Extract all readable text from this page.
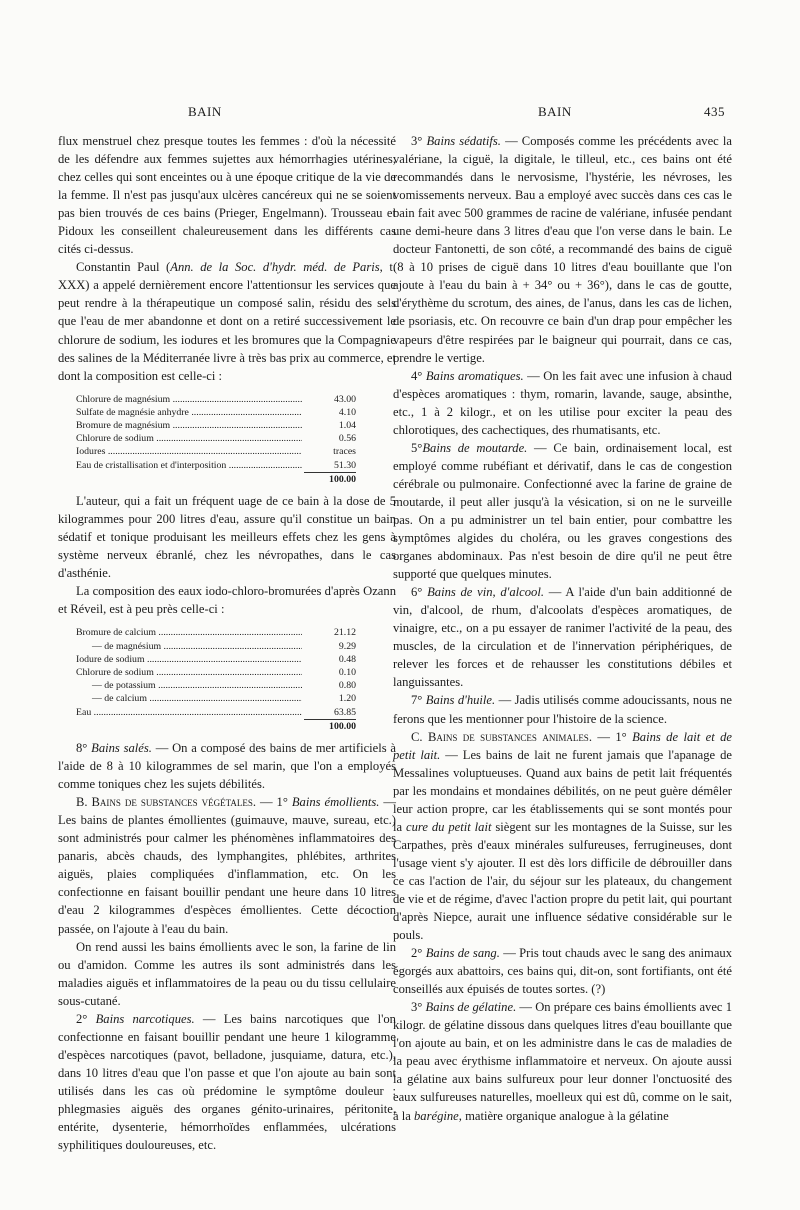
BAIN	BAIN	435

flux menstruel chez presque toutes les femmes : d'où la nécessité de les défendre aux femmes sujettes aux hémorrhagies utérines, chez celles qui sont enceintes ou à une époque critique de la vie de la femme. Il n'est pas jusqu'aux ulcères cancéreux qui ne se soient pas bien trouvés de ces bains (Prieger, Engelmann). Trousseau et Pidoux les conseillent chaleureusement dans les différents cas cités ci-dessus.

Constantin Paul (Ann. de la Soc. d'hydr. méd. de Paris, t. XXX) a appelé dernièrement encore l'attentionsur les services que peut rendre à la thérapeutique un composé salin, résidu des sels que l'eau de mer abandonne et dont on a retiré successivement le chlorure de sodium, les iodures et les bromures que la Compagnie des salines de la Méditerranée livre à très bas prix au commerce, et dont la composition est celle-ci :

Chlorure de magnésium .....	43.00
Sulfate de magnésie anhydre .....	4.10
Bromure de magnésium .....	1.04
Chlorure de sodium .....	0.56
Iodures .....	traces
Eau de cristallisation et d'interposition .....	51.30
100.00

L'auteur, qui a fait un fréquent uage de ce bain à la dose de 5 kilogrammes pour 200 litres d'eau, assure qu'il constitue un bain sédatif et tonique produisant les meilleurs effets chez les gens à système nerveux ébranlé, chez les névropathes, dans le cas d'asthénie.

La composition des eaux iodo-chloro-bromurées d'après Ozann et Réveil, est à peu près celle-ci :

Bromure de calcium .....	21.12
— de magnésium .....	9.29
Iodure de sodium .....	0.48
Chlorure de sodium .....	0.10
— de potassium .....	0.80
— de calcium .....	1.20
Eau .....	63.85
100.00

8° Bains salés. — On a composé des bains de mer artificiels à l'aide de 8 à 10 kilogrammes de sel marin, que l'on a employés comme toniques chez les sujets débilités.

B. Bains de substances végétales. — 1° Bains émollients. — Les bains de plantes émollientes (guimauve, mauve, sureau, etc.) sont administrés pour calmer les phénomènes inflammatoires des panaris, abcès chauds, des lymphangites, phlébites, arthrites aiguës, plaies compliquées d'inflammation, etc. On les confectionne en faisant bouillir pendant une heure dans 10 litres d'eau 2 kilogrammes d'espèces émollientes. Cette décoction passée, on l'ajoute à l'eau du bain.

On rend aussi les bains émollients avec le son, la farine de lin ou d'amidon. Comme les autres ils sont administrés dans les maladies aiguës et inflammatoires de la peau ou du tissu cellulaire sous-cutané.

2° Bains narcotiques. — Les bains narcotiques que l'on confectionne en faisant bouillir pendant une heure 1 kilogramme d'espèces narcotiques (pavot, belladone, jusquiame, datura, etc.), dans 10 litres d'eau que l'on passe et que l'on ajoute au bain sont utilisés dans les cas où prédomine le symptôme douleur : phlegmasies aiguës des organes génito-urinaires, péritonite, entérite, dysenterie, hémorrhoïdes enflammées, ulcérations syphilitiques douloureuses, etc.

3° Bains sédatifs. — Composés comme les précédents avec la valériane, la ciguë, la digitale, le tilleul, etc., ces bains ont été recommandés dans le nervosisme, l'hystérie, les névroses, les vomissements nerveux. Bau a employé avec succès dans ces cas le bain fait avec 500 grammes de racine de valériane, infusée pendant une demi-heure dans 3 litres d'eau que l'on verse dans le bain. Le docteur Fantonetti, de son côté, a recommandé des bains de ciguë (8 à 10 prises de ciguë dans 10 litres d'eau bouillante que l'on ajoute à l'eau du bain à + 34° ou + 36°), dans le cas de goutte, d'érythème du scrotum, des aines, de l'anus, dans les cas de lichen, de psoriasis, etc. On recouvre ce bain d'un drap pour empêcher les vapeurs d'être respirées par le baigneur qui pourrait, dans ce cas, prendre le vertige.

4° Bains aromatiques. — On les fait avec une infusion à chaud d'espèces aromatiques : thym, romarin, lavande, sauge, absinthe, etc., 1 à 2 kilogr., et on les utilise pour exciter la peau des chlorotiques, des cachectiques, des rhumatisants, etc.

5°Bains de moutarde. — Ce bain, ordinaisement local, est employé comme rubéfiant et dérivatif, dans le cas de congestion cérébrale ou pulmonaire. Confectionné avec la farine de graine de moutarde, il peut aller jusqu'à la vésication, si on ne le surveille pas. On a pu administrer un tel bain entier, pour combattre les symptômes algides du choléra, ou les graves congestions des organes abdominaux. Pas n'est besoin de dire qu'il ne peut être supporté que quelques minutes.

6° Bains de vin, d'alcool. — A l'aide d'un bain additionné de vin, d'alcool, de rhum, d'alcoolats d'espèces aromatiques, de vinaigre, etc., on a pu essayer de ranimer l'activité de la peau, des muscles, de la circulation et de l'innervation périphériques, de relever les forces et de rehausser les constitutions débiles et languissantes.

7° Bains d'huile. — Jadis utilisés comme adoucissants, nous ne ferons que les mentionner pour l'histoire de la science.

C. Bains de substances animales. — 1° Bains de lait et de petit lait. — Les bains de lait ne furent jamais que l'apanage de Messalines voluptueuses. Quand aux bains de petit lait fréquentés par les mondains et mondaines débilités, on ne peut guère démêler leur action propre, car les établissements qui se sont montés pour la cure du petit lait siègent sur les montagnes de la Suisse, sur les Carpathes, près d'eaux minérales sulfureuses, ferrugineuses, dont l'usage vient s'y ajouter. Il est dès lors difficile de débrouiller dans ce cas l'action de l'air, du séjour sur les plateaux, du changement de vie et de régime, d'avec l'action propre du petit lait, qui pourtant d'après Niepce, aurait une influence sédative considérable sur le pouls.

2° Bains de sang. — Pris tout chauds avec le sang des animaux égorgés aux abattoirs, ces bains qui, dit-on, sont fortifiants, ont été conseillés aux épuisés de toutes sortes. (?)

3° Bains de gélatine. — On prépare ces bains émollients avec 1 kilogr. de gélatine dissous dans quelques litres d'eau bouillante que l'on ajoute au bain, et on les administre dans le cas de maladies de la peau avec érythisme inflammatoire et nerveux. On ajoute aussi la gélatine aux bains sulfureux pour leur donner l'onctuosité des eaux sulfureuses naturelles, moelleux qui est dû, comme on le sait, à la barégine, matière organique analogue à la gélatine
